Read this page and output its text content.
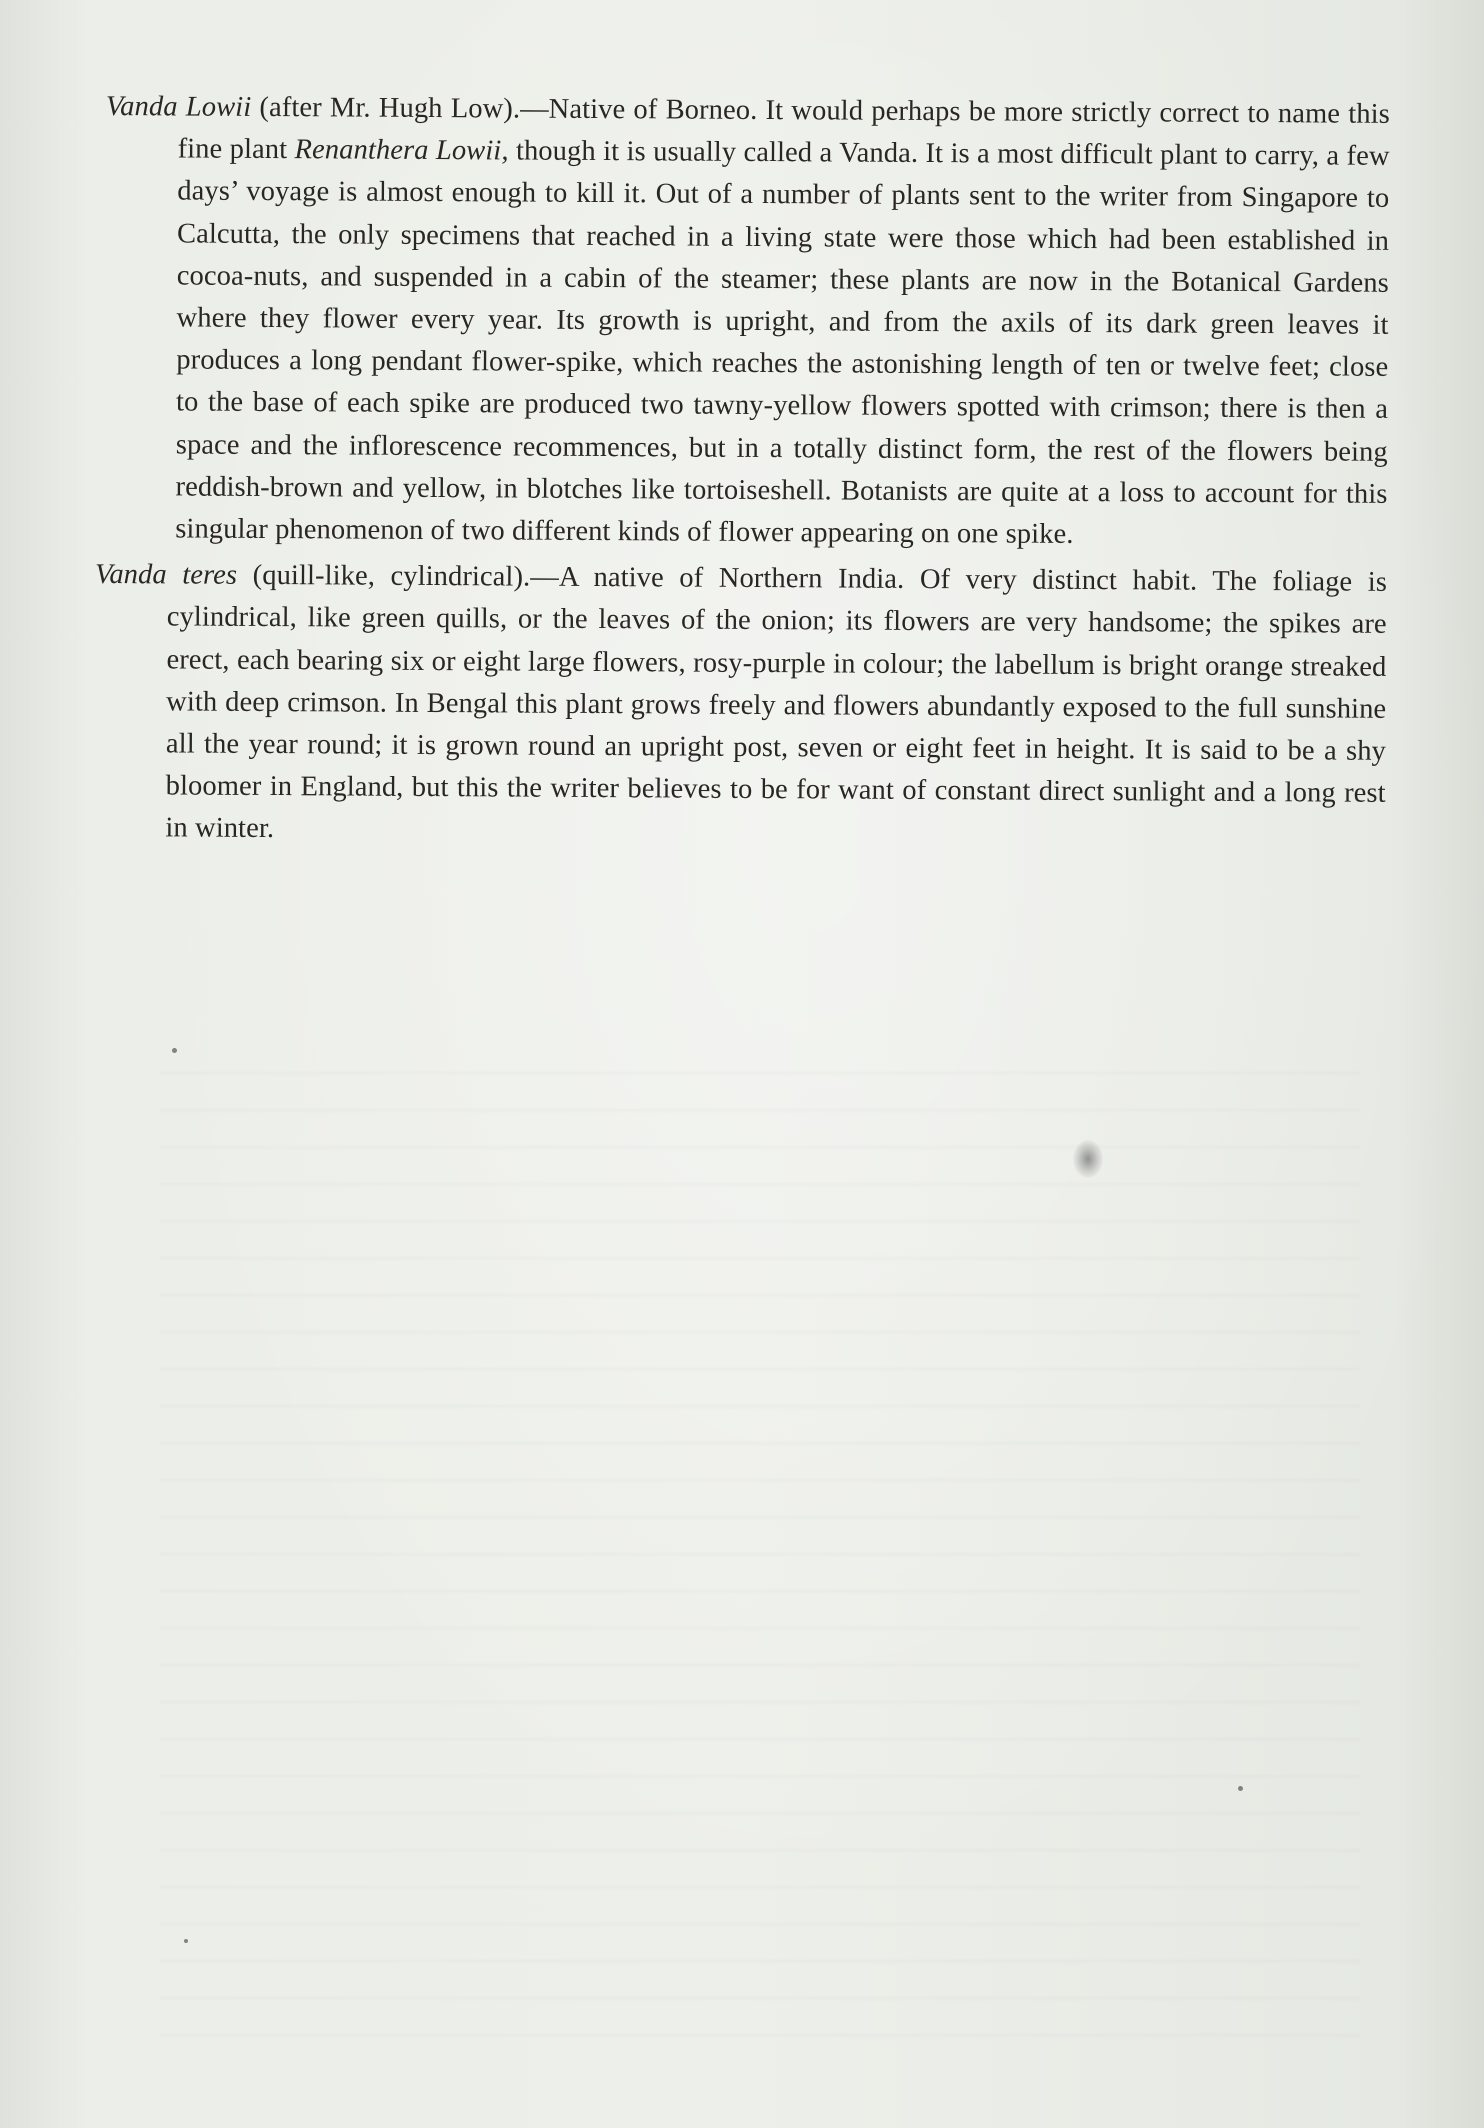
Vanda Lowii (after Mr. Hugh Low).—Native of Borneo. It would perhaps be more strictly correct to name this fine plant Renanthera Lowii, though it is usually called a Vanda. It is a most difficult plant to carry, a few days’ voyage is almost enough to kill it. Out of a number of plants sent to the writer from Singapore to Calcutta, the only specimens that reached in a living state were those which had been established in cocoa-nuts, and suspended in a cabin of the steamer; these plants are now in the Botanical Gardens where they flower every year. Its growth is upright, and from the axils of its dark green leaves it produces a long pendant flower-spike, which reaches the astonishing length of ten or twelve feet; close to the base of each spike are produced two tawny-yellow flowers spotted with crimson; there is then a space and the inflorescence recommences, but in a totally distinct form, the rest of the flowers being reddish-brown and yellow, in blotches like tortoiseshell. Botanists are quite at a loss to account for this singular phenomenon of two different kinds of flower appearing on one spike.

Vanda teres (quill-like, cylindrical).—A native of Northern India. Of very distinct habit. The foliage is cylindrical, like green quills, or the leaves of the onion; its flowers are very handsome; the spikes are erect, each bearing six or eight large flowers, rosy-purple in colour; the labellum is bright orange streaked with deep crimson. In Bengal this plant grows freely and flowers abundantly exposed to the full sunshine all the year round; it is grown round an upright post, seven or eight feet in height. It is said to be a shy bloomer in England, but this the writer believes to be for want of constant direct sunlight and a long rest in winter.
